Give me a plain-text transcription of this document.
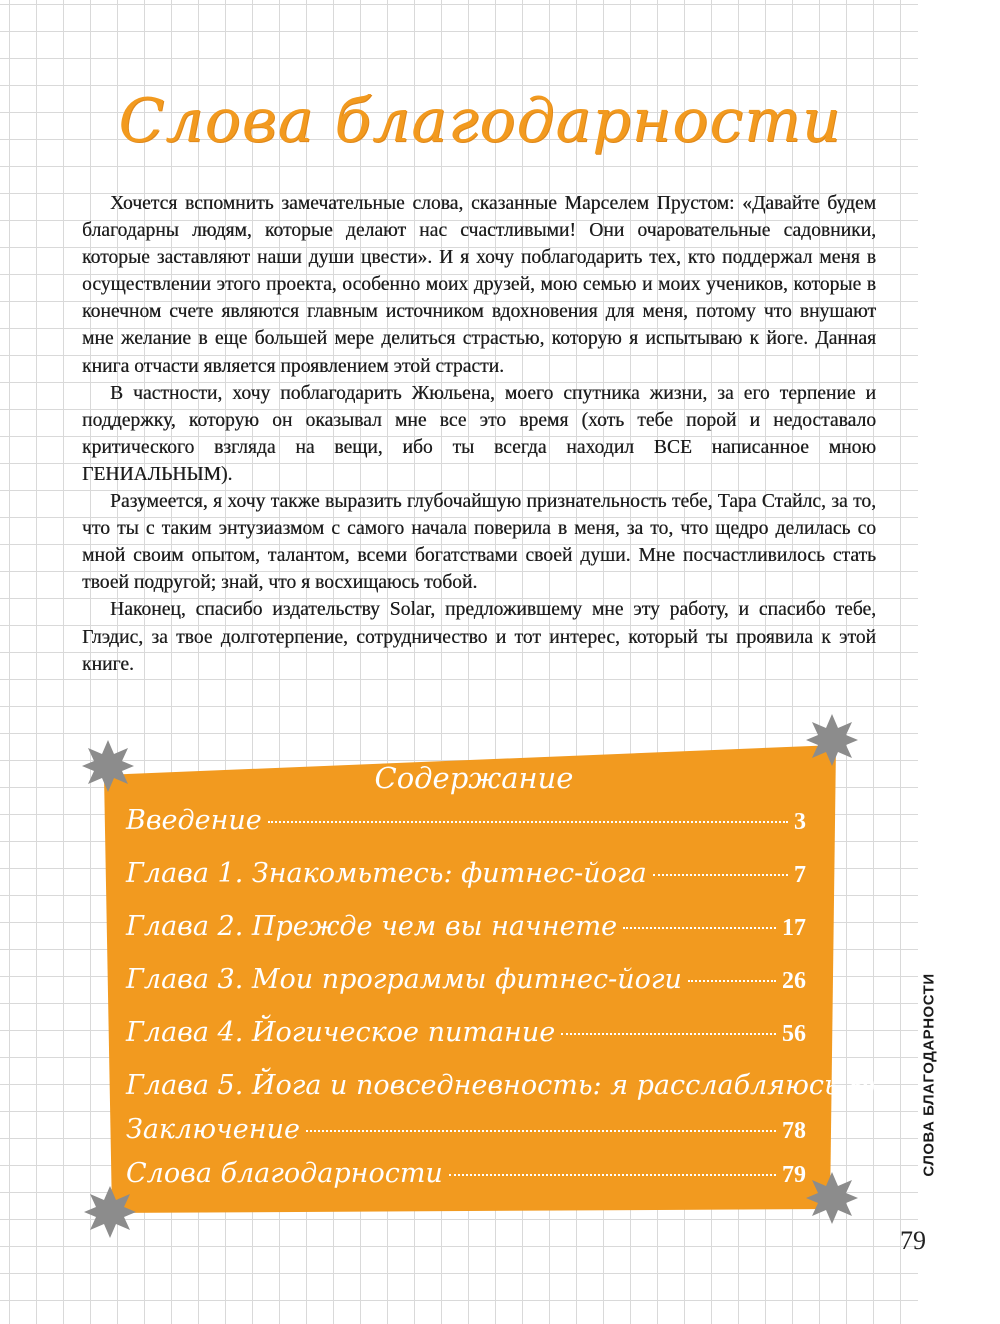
Слова благодарности

Хочется вспомнить замечательные слова, сказанные Марселем Прустом: «Давайте будем благодарны людям, которые делают нас счастливыми! Они очаровательные садовники, которые заставляют наши души цвести». И я хочу поблагодарить тех, кто поддержал меня в осуществлении этого проекта, особенно моих друзей, мою семью и моих учеников, которые в конечном счете являются главным источником вдохновения для меня, потому что внушают мне желание в еще большей мере делиться страстью, которую я испытываю к йоге. Данная книга отчасти является проявлением этой страсти.

В частности, хочу поблагодарить Жюльена, моего спутника жизни, за его терпение и поддержку, которую он оказывал мне все это время (хоть тебе порой и недоставало критического взгляда на вещи, ибо ты всегда находил ВСЕ написанное мною ГЕНИАЛЬНЫМ).

Разумеется, я хочу также выразить глубочайшую признательность тебе, Тара Стайлс, за то, что ты с таким энтузиазмом с самого начала поверила в меня, за то, что щедро делилась со мной своим опытом, талантом, всеми богатствами своей души. Мне посчастливилось стать твоей подругой; знай, что я восхищаюсь тобой.

Наконец, спасибо издательству Solar, предложившему мне эту работу, и спасибо тебе, Глэдис, за твое долготерпение, сотрудничество и тот интерес, который ты проявила к этой книге.

Содержание
Введение	3
Глава 1. Знакомьтесь: фитнес-йога	7
Глава 2. Прежде чем вы начнете	17
Глава 3. Мои программы фитнес-йоги	26
Глава 4. Йогическое питание	56
Глава 5. Йога и повседневность: я расслабляюсь 69
Заключение	78
Слова благодарности	79	СЛОВА БЛАГОДАРНОСТИ
79
